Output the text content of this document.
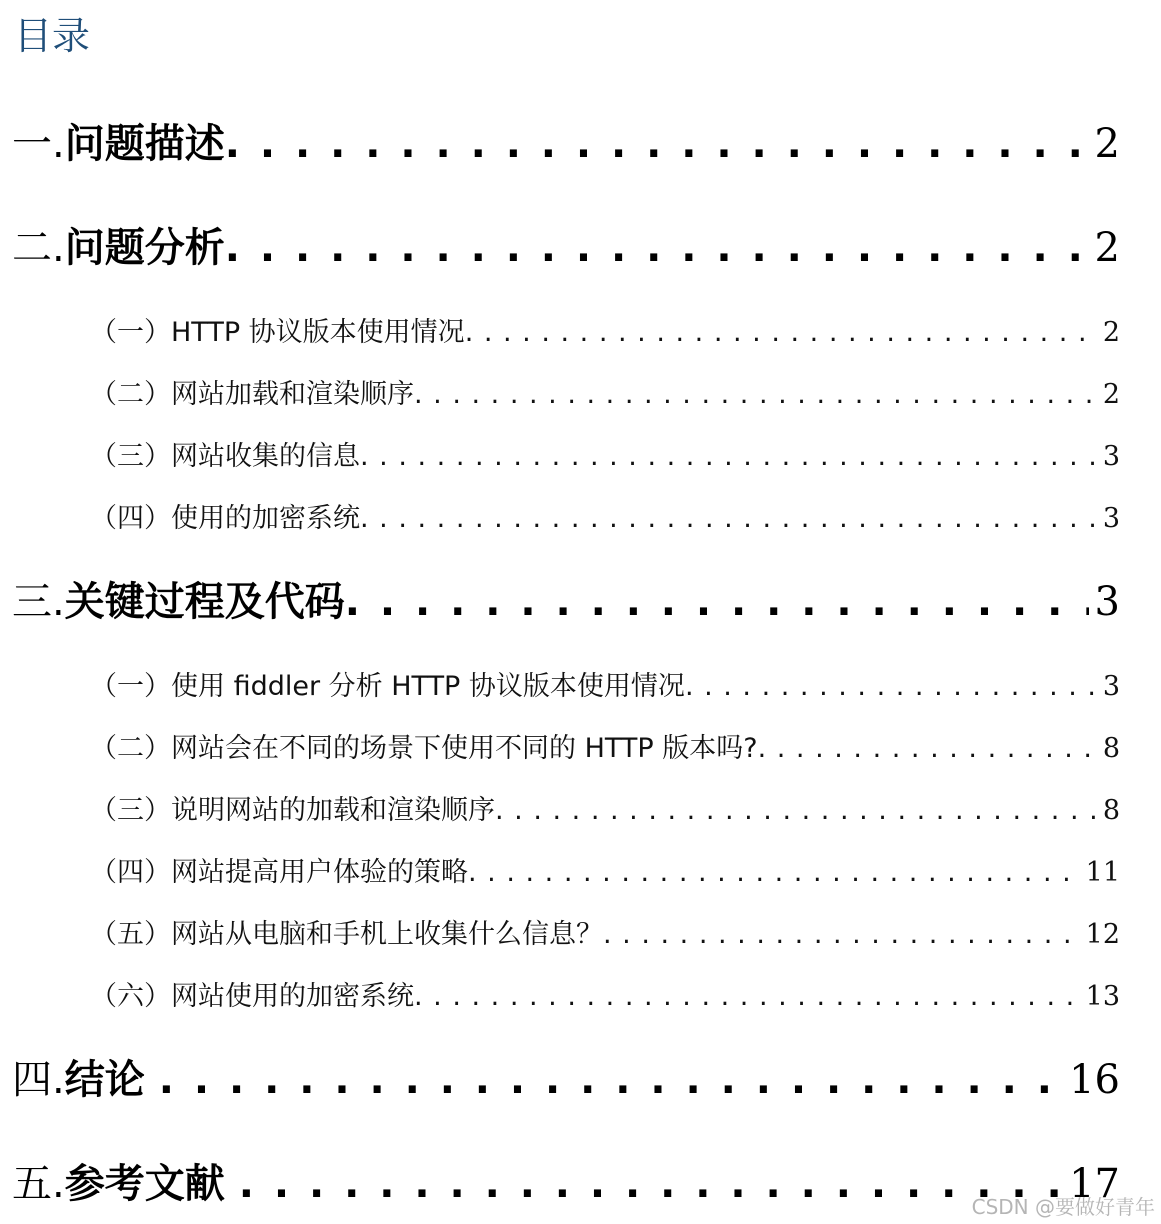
目录
一. 问题描述 . . .	2
二. 问题分析 . . .	2
（一）HTTP 协议版本使用情况 . . .	2
（二）网站加载和渲染顺序 . . .	2
（三）网站收集的信息 . . .	3
（四）使用的加密系统 . . .	3
三. 关键过程及代码 . . .	3
（一）使用 fiddler 分析 HTTP 协议版本使用情况 . . .	3
（二）网站会在不同的场景下使用不同的 HTTP 版本吗? . . .	8
（三）说明网站的加载和渲染顺序 . . .	8
（四）网站提高用户体验的策略 . . .	11
（五）网站从电脑和手机上收集什么信息？ . . .	12
（六）网站使用的加密系统 . . .	13
四. 结论 . . .	16
五. 参考文献 . . .	17
CSDN @要做好青年
